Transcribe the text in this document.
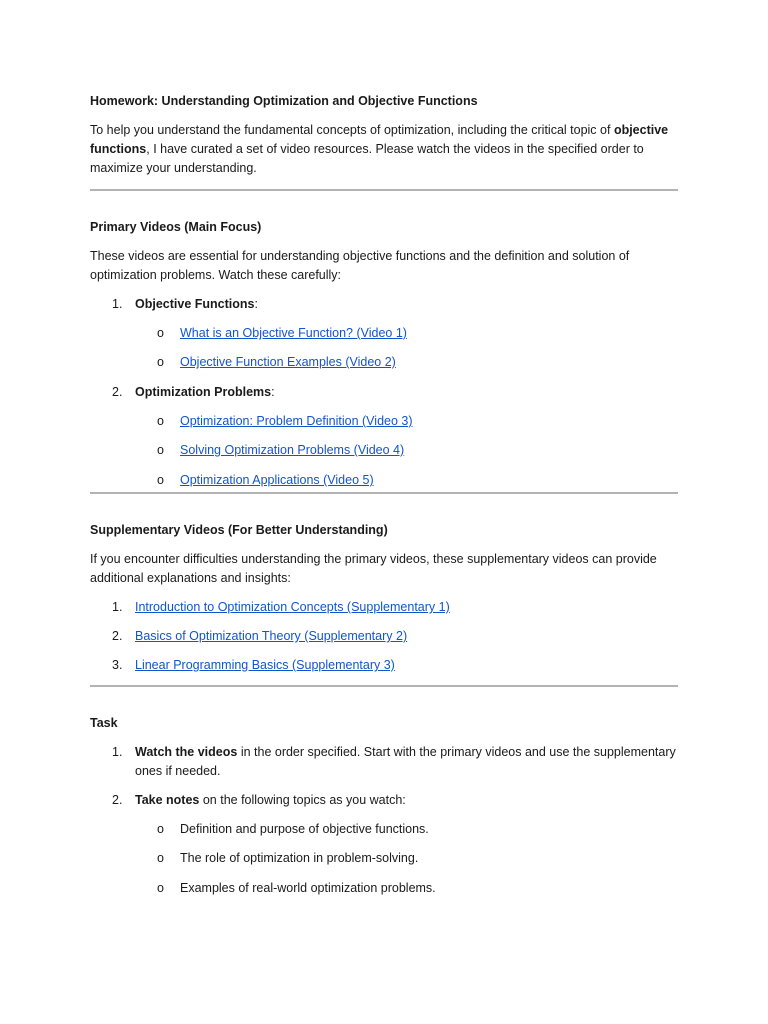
Homework: Understanding Optimization and Objective Functions
To help you understand the fundamental concepts of optimization, including the critical topic of objective functions, I have curated a set of video resources. Please watch the videos in the specified order to maximize your understanding.
Primary Videos (Main Focus)
These videos are essential for understanding objective functions and the definition and solution of optimization problems. Watch these carefully:
1.	Objective Functions:
o What is an Objective Function? (Video 1)
o Objective Function Examples (Video 2)
2.	Optimization Problems:
o Optimization: Problem Definition (Video 3)
o Solving Optimization Problems (Video 4)
o Optimization Applications (Video 5)
Supplementary Videos (For Better Understanding)
If you encounter difficulties understanding the primary videos, these supplementary videos can provide additional explanations and insights:
1.	Introduction to Optimization Concepts (Supplementary 1)
2.	Basics of Optimization Theory (Supplementary 2)
3.	Linear Programming Basics (Supplementary 3)
Task
1.	Watch the videos in the order specified. Start with the primary videos and use the supplementary ones if needed.
2.	Take notes on the following topics as you watch:
o Definition and purpose of objective functions.
o The role of optimization in problem-solving.
o Examples of real-world optimization problems.
